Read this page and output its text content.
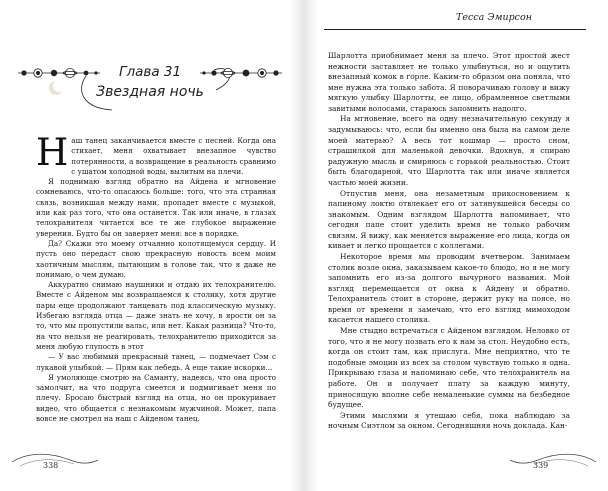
Глава 31
Звездная ночь

Наш танец заканчивается вместе с песней. Когда она стихает, меня охватывает внезапное чувство потерянности, а возвращение в реальность сравнимо с ушатом холодной воды, вылитым на плечи.

Я поднимаю взгляд обратно на Айдена и мгновение сомневаюсь, что-то опасаюсь больше: того, что эта странная связь, возникшая между нами, пропадет вместе с музыкой, или как раз того, что она останется. Так или иначе, в глазах телохранителя читается все те же глубокое выражение уверения. Будто бы он заверяет меня: все в порядке.

Да? Скажи это моему отчаянно колотящемуся сердцу. И пусть оно передаст свою прекрасную новость всем моим хаотичным мыслям, пытающим в голове так, что я даже не понимаю, о чем думаю.

Аккуратно снимаю наушники и отдаю их телохранителю. Вместе с Айденом мы возвращаемся к столику, хотя другие пары еще продолжают танцевать под классическую музыку. Избегаю взгляда отца — даже знать не хочу, в ярости он за то, что мы пропустили вальс, или нет. Какая разница? Что-то, на что нельзя не реагировать, телохранителю приходится за меня любую глупость в этот

— У вас любимый прекрасный танец, — подмечает Сэм с лукавой улыбкой. — Прям как лебедь. А еще такие искорки...

Я умоляюще смотрю на Саманту, надеясь, что она просто замолчит, на что подруга смеется и подмигивает меня по плечу. Бросаю быстрый взгляд на отца, но он прокуривает видео, что общается с незнакомым мужчиной. Может, папа вовсе не смотрел на наш с Айденом танец.

338
Тесса Эмирсон

Шарлотта приобнимает меня за плечо. Этот простой жест нежности заставляет не только улыбнуться, но и ощутить внезапный комок в горле. Каким-то образом она поняла, что мне нужна эта только забота. Я поворачиваю голову и вижу мягкую улыбку Шарлотты, ее лицо, обрамленное светлыми завитыми волосами, стараюсь запомнить надолго.

На мгновение, всего на одну незначительную секунду я задумываюсь: что, если бы именно она была на самом деле моей матерью? А весь тот кошмар — просто сном, страшилкой для маленькой девочки. Вдохнув, я спираю радужную мысль и смиряюсь с горькой реальностью. Стоит быть благодарной, что Шарлотта так или иначе является частью моей жизни.

Отпустив меня, она незаметным прикосновением к папиному локтю отвлекает его от затянувшейся беседы со знакомым. Одним взглядом Шарлотта напоминает, что сегодня папе стоит уделить время не только рабочим связям. Я вижу, как меняется выражение его лица, когда он кивает и легко прощается с коллегами.

Некоторое время мы проводим вчетвером. Занимаем столик возле окна, заказываем какое-то блюдо, но я не могу запомнить его из-за долгого вычурного названия. Мой взгляд перемещается от окна к Айдену и обратно. Телохранитель стоит в стороне, держит руку на поясе, но время от времени я замечаю, что его взгляд мимоходом касается нашего столика.

Мне стыдно встречаться с Айденом взглядом. Неловко от того, что я не могу позвать его к нам за стол. Неудобно есть, когда он стоит там, как прислуга. Мне неприятно, что те подобные эмоции из всех за столом чувствую только я одна. Прикрываю глаза и напоминаю себе, что телохранитель на работе. Он и получает плату за каждую минуту, приносящую вполне себе немаленькие суммы на безбедное будущее.

Этими мыслями я утешаю себя, пока наблюдаю за ночным Сиэтлом за окном. Сегодняшняя ночь доклада. Кан-

339
